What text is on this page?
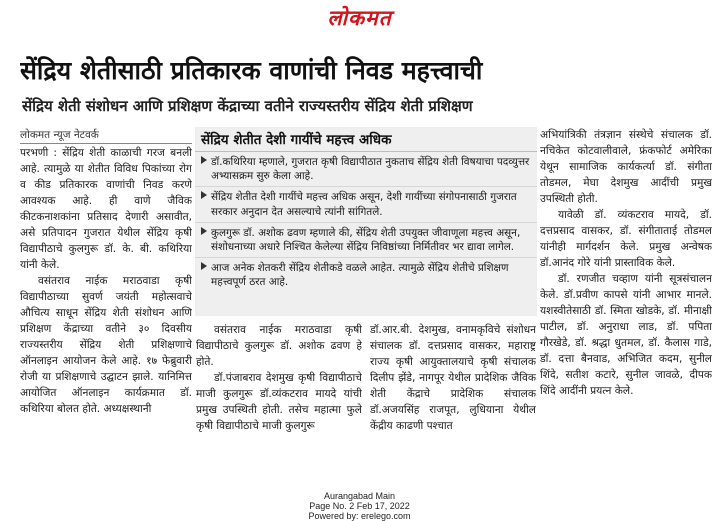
लोकमत
सेंद्रिय शेतीसाठी प्रतिकारक वाणांची निवड महत्त्वाची
सेंद्रिय शेती संशोधन आणि प्रशिक्षण केंद्राच्या वतीने राज्यस्तरीय सेंद्रिय शेती प्रशिक्षण
लोकमत न्यूज नेटवर्क

परभणी : सेंद्रिय शेती काळाची गरज बनली आहे. त्यामुळे या शेतीत विविध पिकांच्या रोग व कीड प्रतिकारक वाणांची निवड करणे आवश्यक आहे. ही वाणे जैविक कीटकनाशकांना प्रतिसाद देणारी असावीत, असे प्रतिपादन गुजरात येथील सेंद्रिय कृषी विद्यापीठाचे कुलगुरू डॉ. के. बी. कथिरिया यांनी केले.

वसंतराव नाईक मराठवाडा कृषी विद्यापीठाच्या सुवर्ण जयंती महोत्सवाचे औचित्य साधून सेंद्रिय शेती संशोधन आणि प्रशिक्षण केंद्राच्या वतीने ३० दिवसीय राज्यस्तरीय सेंद्रिय शेती प्रशिक्षणाचे ऑनलाइन आयोजन केले आहे. १७ फेब्रुवारी रोजी या प्रशिक्षणाचे उद्घाटन झाले. यानिमित्त आयोजित ऑनलाइन कार्यक्रमात डॉ. कथिरिया बोलत होते. अध्यक्षस्थानी

सेंद्रिय शेतीत देशी गायींचे महत्त्व अधिक
डॉ.कथिरिया म्हणाले, गुजरात कृषी विद्यापीठात नुकताच सेंद्रिय शेती विषयाचा पदव्युत्तर अभ्यासक्रम सुरु केला आहे.
सेंद्रिय शेतीत देशी गायींचे महत्त्व अधिक असून, देशी गायींच्या संगोपनासाठी गुजरात सरकार अनुदान देत असल्याचे त्यांनी सांगितले.
कुलगुरू डॉ. अशोक ढवण म्हणाले की, सेंद्रिय शेती उपयुक्त जीवाणूला महत्त्व असून, संशोधनाच्या अधारे निश्चित केलेल्या सेंद्रिय निविष्ठांच्या निर्मितीवर भर द्यावा लागेल.
आज अनेक शेतकरी सेंद्रिय शेतीकडे वळले आहेत. त्यामुळे सेंद्रिय शेतीचे प्रशिक्षण महत्त्वपूर्ण ठरत आहे.

वसंतराव नाईक मराठवाडा कृषी विद्यापीठाचे कुलगुरू डॉ. अशोक ढवण हे होते.

डॉ.पंजाबराव देशमुख कृषी विद्यापीठाचे माजी कुलगुरू डॉ.व्यंकटराव मायदे यांची प्रमुख उपस्थिती होती. तसेच महात्मा फुले कृषी विद्यापीठाचे माजी कुलगुरू

डॉ.आर.बी. देशमुख, वनामकृविचे संशोधन संचालक डॉ. दत्तप्रसाद वासकर, महाराष्ट्र राज्य कृषी आयुक्तालयाचे कृषी संचालक दिलीप झेंडे, नागपूर येथील प्रादेशिक जैविक शेती केंद्राचे प्रादेशिक संचालक डॉ.अजयसिंह राजपूत, लुधियाना येथील केंद्रीय काढणी पश्चात

अभियांत्रिकी तंत्रज्ञान संस्थेचे संचालक डॉ. नचिकेत कोटवालीवाले, फ्रंकफोर्ट अमेरिका येथून सामाजिक कार्यकर्त्या डॉ. संगीता तोडमल, मेघा देशमुख आदींची प्रमुख उपस्थिती होती.

यावेळी डॉ. व्यंकटराव मायदे, डॉ. दत्तप्रसाद वासकर, डॉ. संगीताताई तोडमल यांनीही मार्गदर्शन केले. प्रमुख अन्वेषक डॉ.आनंद गोरे यांनी प्रास्ताविक केले.

डॉ. रणजीत चव्हाण यांनी सूत्रसंचालन केले. डॉ.प्रवीण कापसे यांनी आभार मानले. यशस्वीतेसाठी डॉ. स्मिता खोडके, डॉ. मीनाक्षी पाटील, डॉ. अनुराधा लाड, डॉ. पपिता गौरखेडे, डॉ. श्रद्धा धुतमल, डॉ. कैलास गाडे, डॉ. दत्ता बैनवाड, अभिजित कदम, सुनील शिंदे, सतीश कटारे, सुनील जावळे, दीपक शिंदे आदींनी प्रयत्न केले.

Aurangabad Main
Page No. 2 Feb 17, 2022
Powered by: erelego.com
